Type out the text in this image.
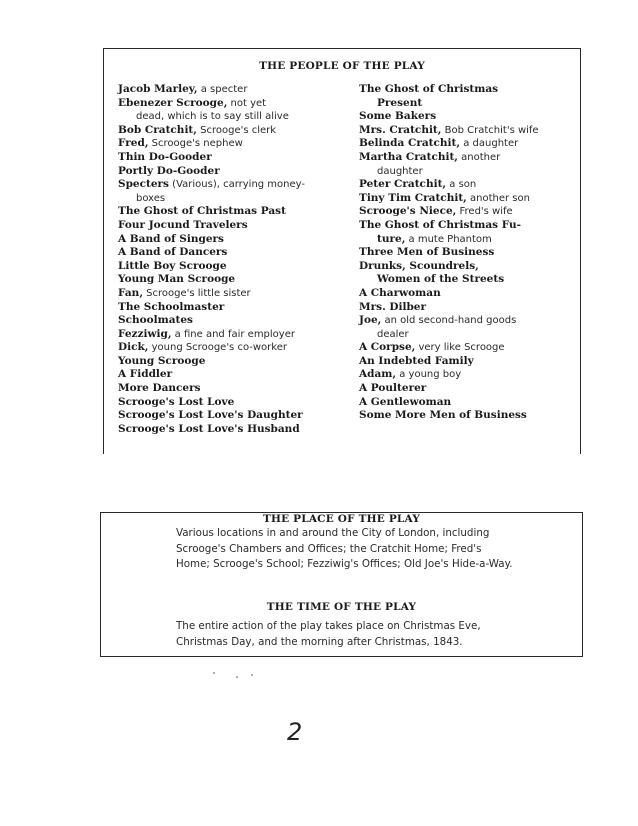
THE PEOPLE OF THE PLAY
Jacob Marley, a specter
Ebenezer Scrooge, not yet
dead, which is to say still alive
Bob Cratchit, Scrooge's clerk
Fred, Scrooge's nephew
Thin Do-Gooder
Portly Do-Gooder
Specters (Various), carrying money-
boxes
The Ghost of Christmas Past
Four Jocund Travelers
A Band of Singers
A Band of Dancers
Little Boy Scrooge
Young Man Scrooge
Fan, Scrooge's little sister
The Schoolmaster
Schoolmates
Fezziwig, a fine and fair employer
Dick, young Scrooge's co-worker
Young Scrooge
A Fiddler
More Dancers
Scrooge's Lost Love
Scrooge's Lost Love's Daughter
Scrooge's Lost Love's Husband
The Ghost of Christmas
Present
Some Bakers
Mrs. Cratchit, Bob Cratchit's wife
Belinda Cratchit, a daughter
Martha Cratchit, another
daughter
Peter Cratchit, a son
Tiny Tim Cratchit, another son
Scrooge's Niece, Fred's wife
The Ghost of Christmas Fu-
ture, a mute Phantom
Three Men of Business
Drunks, Scoundrels,
Women of the Streets
A Charwoman
Mrs. Dilber
Joe, an old second-hand goods
dealer
A Corpse, very like Scrooge
An Indebted Family
Adam, a young boy
A Poulterer
A Gentlewoman
Some More Men of Business
THE PLACE OF THE PLAY
Various locations in and around the City of London, including Scrooge's Chambers and Offices; the Cratchit Home; Fred's Home; Scrooge's School; Fezziwig's Offices; Old Joe's Hide-a-Way.
THE TIME OF THE PLAY
The entire action of the play takes place on Christmas Eve, Christmas Day, and the morning after Christmas, 1843.
2
